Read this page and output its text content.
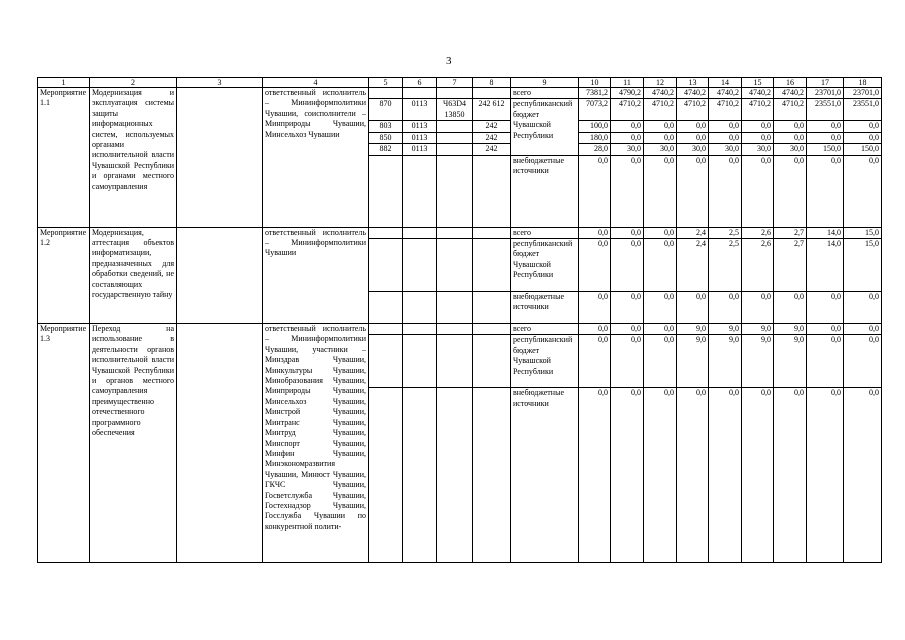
3
1	2	3	4	5	6	7	8	9	10	11	12	13	14	15	16	17	18
Мероприятие 1.1	Модернизация и эксплуатация системы защиты информационных систем, используемых органами исполнительной власти Чувашской Республики и органами местного самоуправления		ответственный исполнитель – Мининформполитики Чувашии, соисполнители – Минприроды Чувашии, Минсельхоз Чувашии					всего	7381,2	4790,2	4740,2	4740,2	4740,2	4740,2	4740,2	23701,0	23701,0
				870	0113	Ч63D4 13850	242 612	республиканский бюджет Чувашской Республики	7073,2	4710,2	4710,2	4710,2	4710,2	4710,2	4710,2	23551,0	23551,0
				803	0113		242		100,0	0,0	0,0	0,0	0,0	0,0	0,0	0,0	0,0
				850	0113		242		180,0	0,0	0,0	0,0	0,0	0,0	0,0	0,0	0,0
				882	0113		242		28,0	30,0	30,0	30,0	30,0	30,0	30,0	150,0	150,0
								внебюджетные источники	0,0	0,0	0,0	0,0	0,0	0,0	0,0	0,0	0,0
Мероприятие 1.2	Модернизация, аттестация объектов информатизации, предназначенных для обработки сведений, не составляющих государственную тайну		ответственный исполнитель – Мининформполитики Чувашии					всего	0,0	0,0	0,0	2,4	2,5	2,6	2,7	14,0	15,0
								республиканский бюджет Чувашской Республики	0,0	0,0	0,0	2,4	2,5	2,6	2,7	14,0	15,0
								внебюджетные источники	0,0	0,0	0,0	0,0	0,0	0,0	0,0	0,0	0,0
Мероприятие 1.3	Переход на использование в деятельности органов исполнительной власти Чувашской Республики и органов местного самоуправления преимущественно отечественного программного обеспечения		ответственный исполнитель – Мининформполитики Чувашии, участники – Минздрав Чувашии, Минкультуры Чувашии, Минобразования Чувашии, Минприроды Чувашии, Минсельхоз Чувашии, Минстрой Чувашии, Минтранс Чувашии, Минтруд Чувашии, Минспорт Чувашии, Минфин Чувашии, Минэкономразвития Чувашии, Минюст Чувашии, ГКЧС Чувашии, Госветслужба Чувашии, Гостехнадзор Чувашии, Госслужба Чувашии по конкурентной полити-					всего	0,0	0,0	0,0	9,0	9,0	9,0	9,0	0,0	0,0
								республиканский бюджет Чувашской Республики	0,0	0,0	0,0	9,0	9,0	9,0	9,0	0,0	0,0
								внебюджетные источники	0,0	0,0	0,0	0,0	0,0	0,0	0,0	0,0	0,0
